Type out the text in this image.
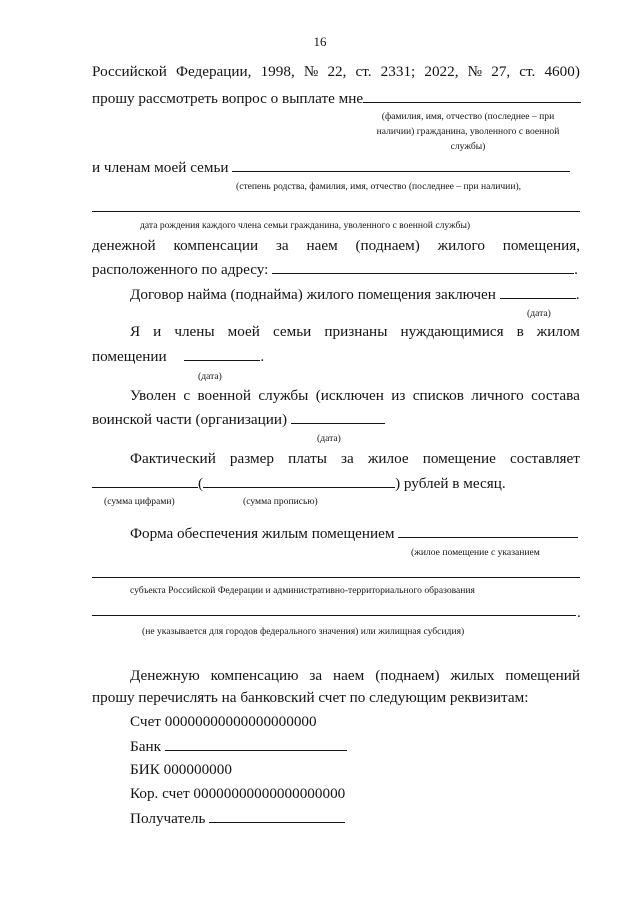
16
Российской Федерации, 1998, № 22, ст. 2331; 2022, № 27, ст. 4600)
прошу рассмотреть вопрос о выплате мне
(фамилия, имя, отчество (последнее – при
наличии) гражданина, уволенного с военной
службы)
и членам моей семьи
(степень родства, фамилия, имя, отчество (последнее – при наличии),
дата рождения каждого члена семьи гражданина, уволенного с военной службы)
денежной компенсации за наем (поднаем) жилого помещения,
расположенного по адресу:	.
Договор найма (поднайма) жилого помещения заключен	.
(дата)
Я и члены моей семьи признаны нуждающимися в жилом
помещении	.
(дата)
Уволен с военной службы (исключен из списков личного состава
воинской части (организации)
(дата)
Фактический размер платы за жилое помещение составляет
(	) рублей в месяц.
(сумма цифрами)	(сумма прописью)
Форма обеспечения жилым помещением
(жилое помещение с указанием
субъекта Российской Федерации и административно-территориального образования
.
(не указывается для городов федерального значения) или жилищная субсидия)
Денежную компенсацию за наем (поднаем) жилых помещений
прошу перечислять на банковский счет по следующим реквизитам:
Счет 00000000000000000000
Банк
БИК 000000000
Кор. счет 00000000000000000000
Получатель
